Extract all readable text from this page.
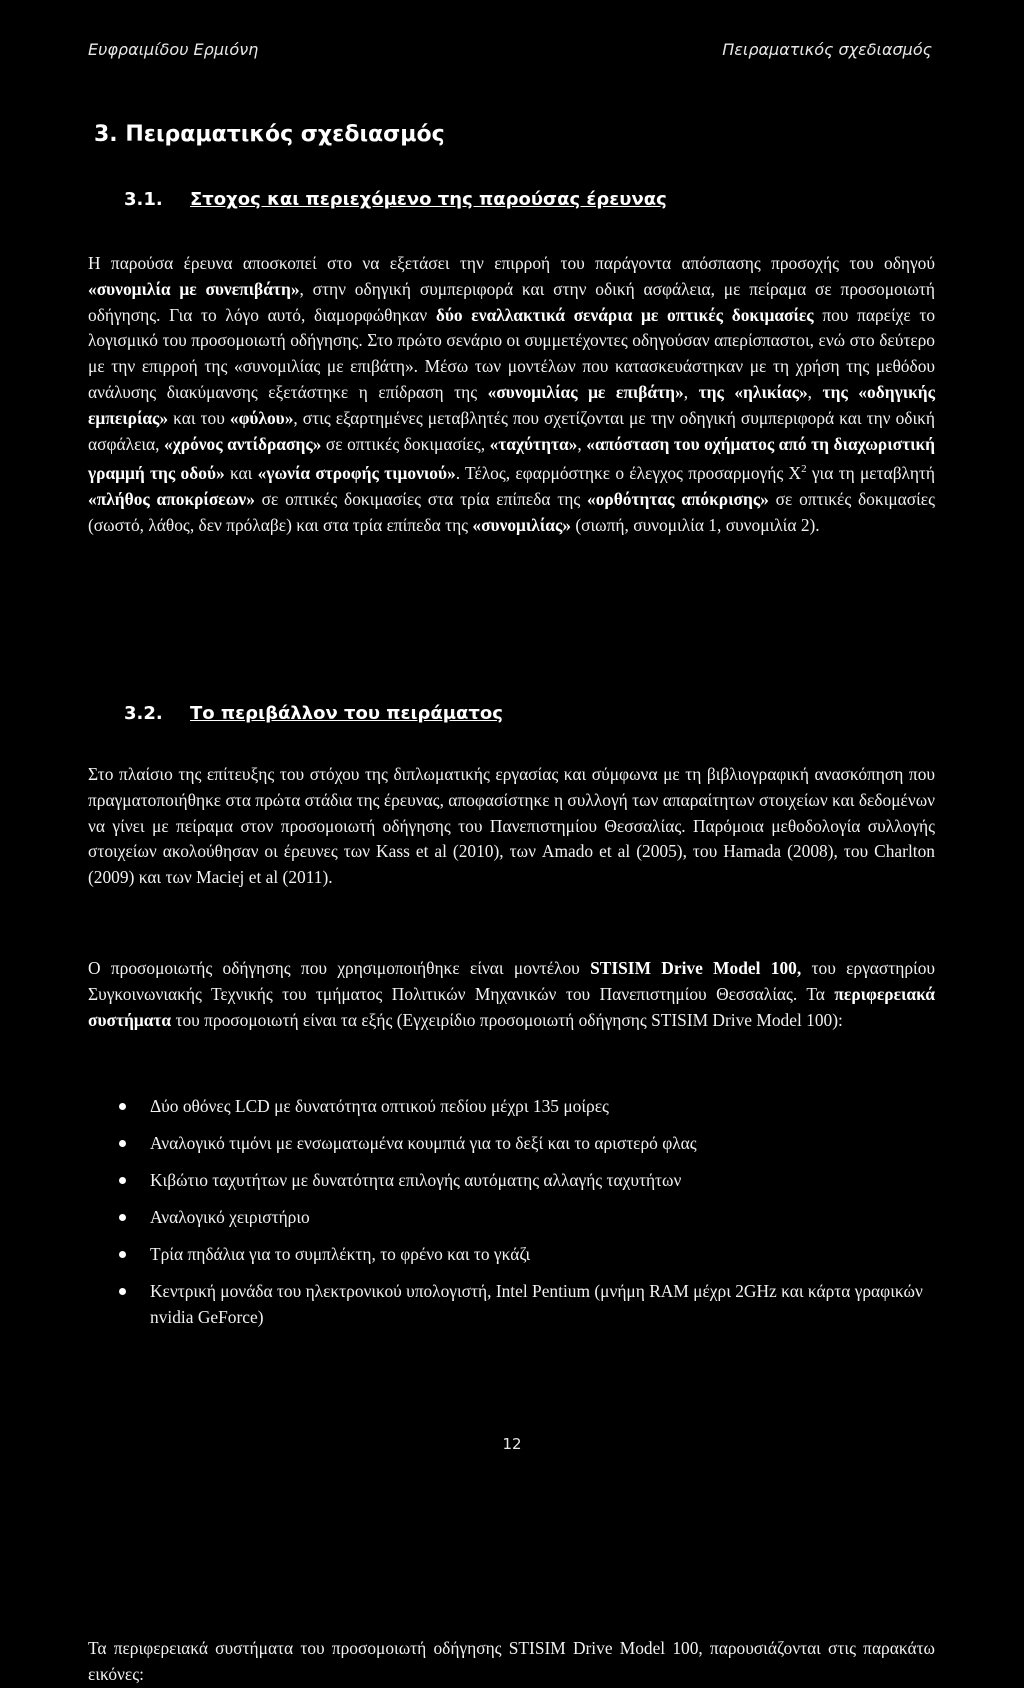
Ευφραιμίδου Ερμιόνη	Πειραματικός σχεδιασμός
3. Πειραματικός σχεδιασμός
3.1. Στοχος και περιεχόμενο της παρούσας έρευνας

Η παρούσα έρευνα αποσκοπεί στο να εξετάσει την επιρροή του παράγοντα απόσπασης προσοχής του οδηγού «συνομιλία με συνεπιβάτη», στην οδηγική συμπεριφορά και στην οδική ασφάλεια, με πείραμα σε προσομοιωτή οδήγησης. Για το λόγο αυτό, διαμορφώθηκαν δύο εναλλακτικά σενάρια με οπτικές δοκιμασίες που παρείχε το λογισμικό του προσομοιωτή οδήγησης. Στο πρώτο σενάριο οι συμμετέχοντες οδηγούσαν απερίσπαστοι, ενώ στο δεύτερο με την επιρροή της «συνομιλίας με επιβάτη». Μέσω των μοντέλων που κατασκευάστηκαν με τη χρήση της μεθόδου ανάλυσης διακύμανσης εξετάστηκε η επίδραση της «συνομιλίας με επιβάτη», της «ηλικίας», της «οδηγικής εμπειρίας» και του «φύλου», στις εξαρτημένες μεταβλητές που σχετίζονται με την οδηγική συμπεριφορά και την οδική ασφάλεια, «χρόνος αντίδρασης» σε οπτικές δοκιμασίες, «ταχύτητα», «απόσταση του οχήματος από τη διαχωριστική γραμμή της οδού» και «γωνία στροφής τιμονιού». Τέλος, εφαρμόστηκε ο έλεγχος προσαρμογής $X^2$ για τη μεταβλητή «πλήθος αποκρίσεων» σε οπτικές δοκιμασίες στα τρία επίπεδα της «ορθότητας απόκρισης» σε οπτικές δοκιμασίες (σωστό, λάθος, δεν πρόλαβε) και στα τρία επίπεδα της «συνομιλίας» (σιωπή, συνομιλία 1, συνομιλία 2).

3.2. Το περιβάλλον του πειράματος

Στο πλαίσιο της επίτευξης του στόχου της διπλωματικής εργασίας και σύμφωνα με τη βιβλιογραφική ανασκόπηση που πραγματοποιήθηκε στα πρώτα στάδια της έρευνας, αποφασίστηκε η συλλογή των απαραίτητων στοιχείων και δεδομένων να γίνει με πείραμα στον προσομοιωτή οδήγησης του Πανεπιστημίου Θεσσαλίας. Παρόμοια μεθοδολογία συλλογής στοιχείων ακολούθησαν οι έρευνες των Kass et al (2010), των Amado et al (2005), του Hamada (2008), του Charlton (2009) και των Maciej et al (2011).

Ο προσομοιωτής οδήγησης που χρησιμοποιήθηκε είναι μοντέλου STISIM Drive Model 100, του εργαστηρίου Συγκοινωνιακής Τεχνικής του τμήματος Πολιτικών Μηχανικών του Πανεπιστημίου Θεσσαλίας. Τα περιφερειακά συστήματα του προσομοιωτή είναι τα εξής (Εγχειρίδιο προσομοιωτή οδήγησης STISIM Drive Model 100):

Δύο οθόνες LCD με δυνατότητα οπτικού πεδίου μέχρι 135 μοίρες
Αναλογικό τιμόνι με ενσωματωμένα κουμπιά για το δεξί και το αριστερό φλας
Κιβώτιο ταχυτήτων με δυνατότητα επιλογής αυτόματης αλλαγής ταχυτήτων
Αναλογικό χειριστήριο
Τρία πηδάλια για το συμπλέκτη, το φρένο και το γκάζι
Κεντρική μονάδα του ηλεκτρονικού υπολογιστή, Intel Pentium (μνήμη RAM μέχρι 2GHz και κάρτα γραφικών nvidia GeForce)

Τα περιφερειακά συστήματα του προσομοιωτή οδήγησης STISIM Drive Model 100, παρουσιάζονται στις παρακάτω εικόνες:

12
